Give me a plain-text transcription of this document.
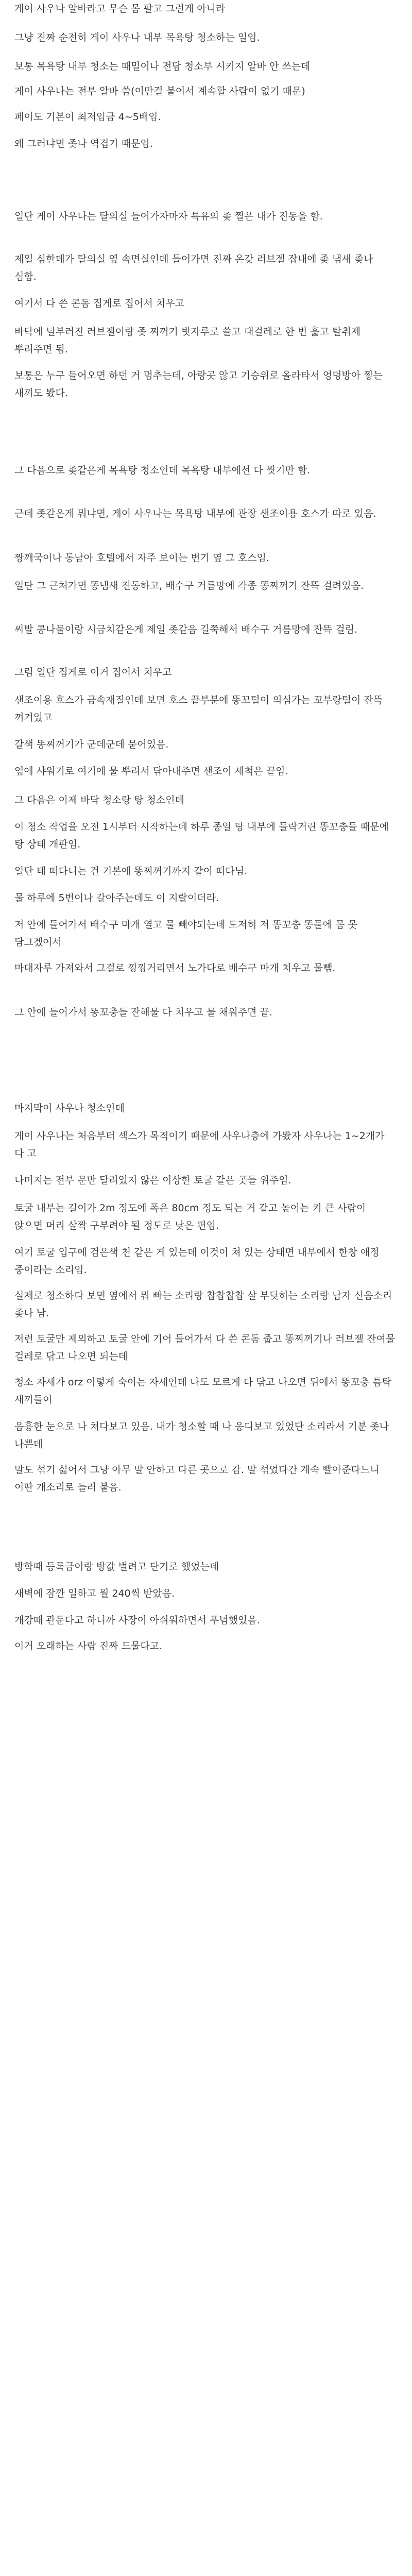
게이 사우나 알바라고 무슨 몸 팔고 그런게 아니라

그냥 진짜 순전히 게이 사우나 내부 목욕탕 청소하는 일임.

보통 목욕탕 내부 청소는 때밀이나 전담 청소부 시키지 알바 안 쓰는데

게이 사우나는 전부 알바 씀(이만걸 붙어서 계속할 사람이 없기 때문)

페이도 기본이 최저임금 4~5배임.

왜 그러냐면 좆나 역겹기 때문임.

일단 게이 사우나는 탈의실 들어가자마자 특유의 좆 찔은 내가 진동을 함.

제일 심한데가 탈의실 옆 속면실인데 들어가면 진짜 온갖 러브젤 잡내에 좆 냄새 좆나 심함.

여기서 다 쓴 콘돔 집게로 집어서 치우고

바닥에 널부러진 러브젤이랑 좆 찌꺼기 빗자루로 쓸고 대걸레로 한 번 훑고 탈취제 뿌려주면 됨.

보통은 누구 들어오면 하던 거 멈추는데, 아랑곳 않고 기승위로 올라타서 엉덩방아 찧는 새끼도 봤다.

그 다음으로 좆같은게 목욕탕 청소인데 목욕탕 내부에선 다 씻기만 함.

근데 좆같은게 뭐냐면, 게이 사우나는 목욕탕 내부에 관장 샌조이용 호스가 따로 있음.

짱깨국이나 동남아 호텔에서 자주 보이는 변기 옆 그 호스임.

일단 그 근처가면 똥냄새 진동하고, 배수구 거름망에 각종 똥찌꺼기 잔뜩 걸려있음.

씨발 콩나물이랑 시금치같은게 제일 좆같음 길쭉해서 배수구 거름망에 잔뜩 걸림.

그럼 일단 집게로 이거 집어서 치우고

샌조이용 호스가 금속재질인데 보면 호스 끝부분에 똥꼬털이 의심가는 꼬부랑털이 잔뜩 껴겨있고

갈색 똥찌꺼기가 군데군데 묻어있음.

옆에 샤워기로 여기에 물 뿌려서 닦아내주면 샌조이 세척은 끝임.

그 다음은 이제 바닥 청소랑 탕 청소인데

이 청소 작업을 오전 1시부터 시작하는데 하루 종일 탕 내부에 들락거린 똥꼬충들 때문에 탕 상태 개판임.

일단 태 떠다니는 건 기본에 똥찌꺼기까지 같이 떠다님.

물 하루에 5번이나 갈아주는데도 이 지랄이더라.

저 안에 들어가서 배수구 마개 열고 물 빼야되는데 도저히 저 똥꼬충 똥물에 몸 못 담그겠어서

마대자루 가져와서 그걸로 낑낑거리면서 노가다로 배수구 마개 치우고 물뺌.

그 안에 들어가서 똥꼬충들 잔해물 다 치우고 물 채워주면 끝.

마지막이 사우나 청소인데

게이 사우나는 처음부터 섹스가 목적이기 때문에 사우나층에 가봤자 사우나는 1~2개가 다 고

나머지는 전부 문만 달려있지 않은 이상한 토굴 같은 곳들 위주임.

토굴 내부는 길이가 2m 정도에 폭은 80cm 정도 되는 거 같고 높이는 키 큰 사람이 앉으면 머리 살짝 구부려야 될 정도로 낮은 편임.

여기 토굴 입구에 검은색 천 같은 게 있는데 이것이 쳐 있는 상태면 내부에서 한창 애정 중이라는 소리임.

실제로 청소하다 보면 옆에서 뭐 빠는 소리랑 찹찹찹찹 살 부딪히는 소리랑 남자 신음소리 좆나 남.

저런 토굴만 제외하고 토굴 안에 기어 들어가서 다 쓴 콘돔 줍고 똥찌꺼기나 러브젤 잔여물 걸레로 닦고 나오면 되는데

청소 자세가 orz 이렇게 숙이는 자세인데 나도 모르게 다 닦고 나오면 뒤에서 똥꼬충 틈탁 새끼들이

음흉한 눈으로 나 쳐다보고 있음. 내가 청소할 때 나 응디보고 있었단 소리라서 기분 좆나 나쁜데

말도 섞기 싫어서 그냥 아무 말 안하고 다른 곳으로 감. 말 섞었다간 계속 빨아준다느니 이딴 개소리로 들러 붙음.

방학때 등록금이랑 방값 벌려고 단기로 했었는데

새벽에 잠깐 일하고 월 240씩 받았음.

개강때 관둔다고 하니까 사장이 아쉬워하면서 푸념했었음.

이거 오래하는 사람 진짜 드물다고.
